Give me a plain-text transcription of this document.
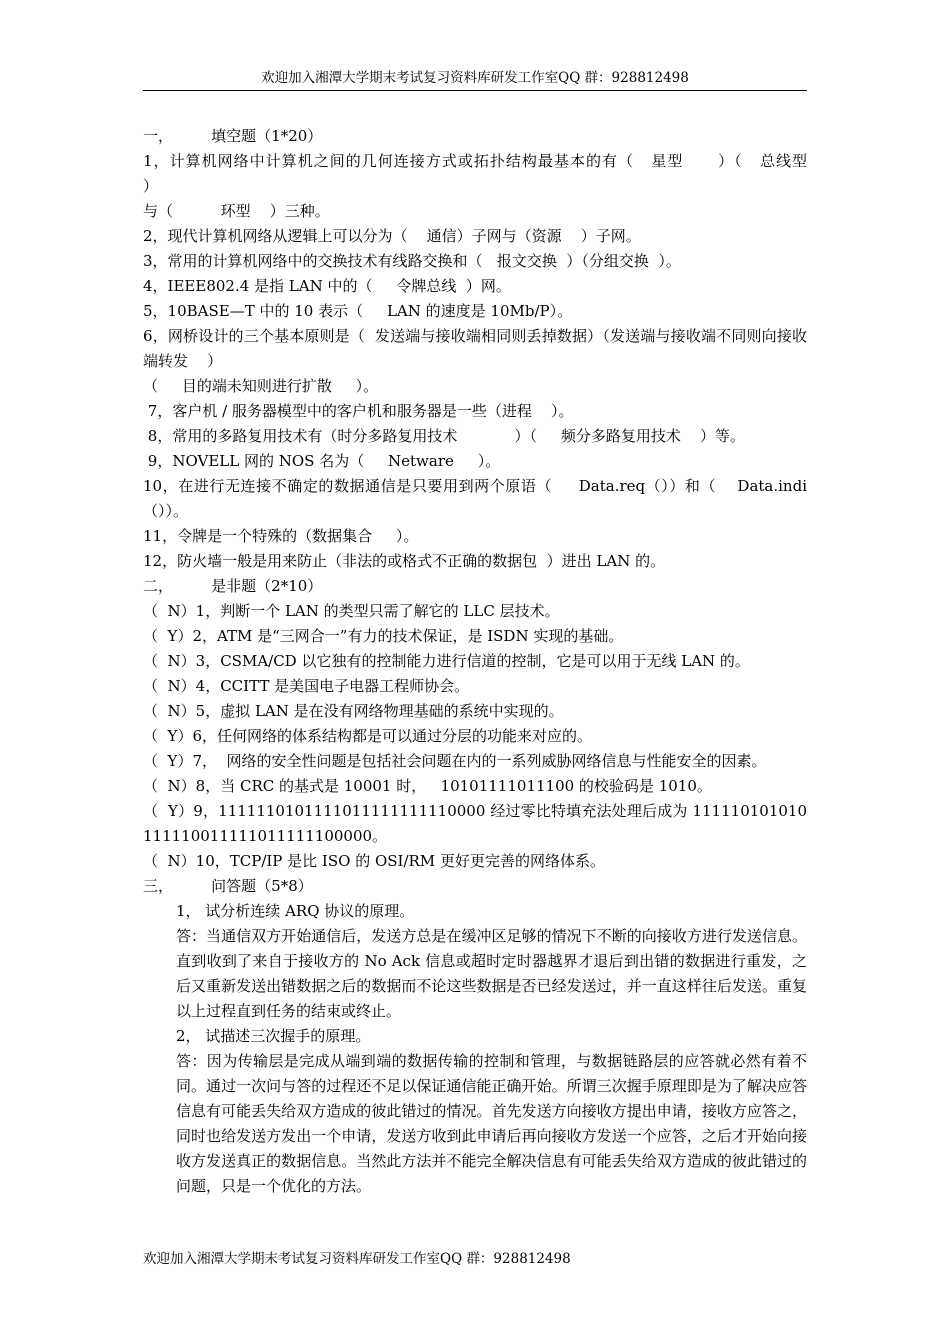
欢迎加入湘潭大学期末考试复习资料库研发工作室QQ 群：928812498

一，        填空题（1*20）

1，计算机网络中计算机之间的几何连接方式或拓扑结构最基本的有（   星型      ）（   总线型            ）

与（          环型    ）三种。

2，现代计算机网络从逻辑上可以分为（    通信）子网与（资源    ）子网。

3，常用的计算机网络中的交换技术有线路交换和（   报文交换  ）（分组交换  ）。

4，IEEE802.4 是指 LAN 中的（     令牌总线  ）网。

5，10BASE—T 中的 10 表示（     LAN 的速度是 10Mb/P）。

6，网桥设计的三个基本原则是（  发送端与接收端相同则丢掉数据）（发送端与接收端不同则向接收端转发    ）

（     目的端未知则进行扩散     ）。

7，客户机 / 服务器模型中的客户机和服务器是一些（进程    ）。

8，常用的多路复用技术有（时分多路复用技术            ）（     频分多路复用技术    ）等。

9，NOVELL 网的 NOS 名为（     Netware     ）。

10，在进行无连接不确定的数据通信是只要用到两个原语（     Data.req（））和（    Data.indi（））。

11，令牌是一个特殊的（数据集合     ）。

12，防火墙一般是用来防止（非法的或格式不正确的数据包  ）进出 LAN 的。

二，        是非题（2*10）

（  N）1，判断一个 LAN 的类型只需了解它的 LLC 层技术。

（  Y）2，ATM 是“三网合一”有力的技术保证，是 ISDN 实现的基础。

（  N）3，CSMA/CD 以它独有的控制能力进行信道的控制，它是可以用于无线 LAN 的。

（  N）4，CCITT 是美国电子电器工程师协会。

（  N）5，虚拟 LAN 是在没有网络物理基础的系统中实现的。

（  Y）6，任何网络的体系结构都是可以通过分层的功能来对应的。

（  Y）7，  网络的安全性问题是包括社会问题在内的一系列威胁网络信息与性能安全的因素。

（  N）8，当 CRC 的基式是 10001 时，   10101111011100 的校验码是 1010。

（  Y）9，1111110101111011111111110000 经过零比特填充法处理后成为 111110101010111110011111011111100000。

（  N）10，TCP/IP 是比 ISO 的 OSI/RM 更好更完善的网络体系。

三，        问答题（5*8）

1， 试分析连续 ARQ 协议的原理。

答：当通信双方开始通信后，发送方总是在缓冲区足够的情况下不断的向接收方进行发送信息。直到收到了来自于接收方的 No Ack 信息或超时定时器越界才退后到出错的数据进行重发，之后又重新发送出错数据之后的数据而不论这些数据是否已经发送过，并一直这样往后发送。重复以上过程直到任务的结束或终止。

2， 试描述三次握手的原理。

答：因为传输层是完成从端到端的数据传输的控制和管理，与数据链路层的应答就必然有着不同。通过一次问与答的过程还不足以保证通信能正确开始。所谓三次握手原理即是为了解决应答信息有可能丢失给双方造成的彼此错过的情况。首先发送方向接收方提出申请，接收方应答之，同时也给发送方发出一个申请，发送方收到此申请后再向接收方发送一个应答，之后才开始向接收方发送真正的数据信息。当然此方法并不能完全解决信息有可能丢失给双方造成的彼此错过的问题，只是一个优化的方法。

欢迎加入湘潭大学期末考试复习资料库研发工作室QQ 群：928812498
